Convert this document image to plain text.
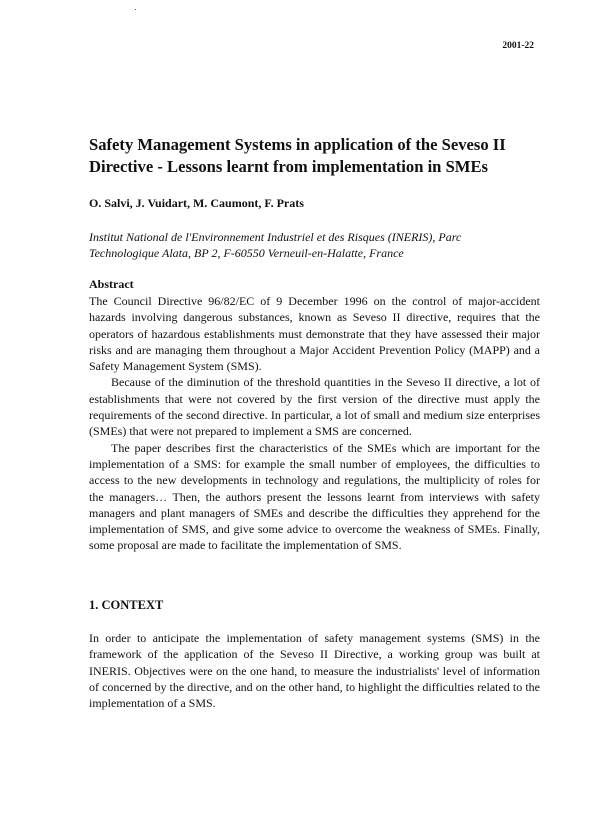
2001-22
Safety Management Systems in application of the Seveso II Directive - Lessons learnt from implementation in SMEs
O. Salvi, J. Vuidart, M. Caumont, F. Prats
Institut National de l'Environnement Industriel et des Risques (INERIS), Parc Technologique Alata, BP 2, F-60550 Verneuil-en-Halatte, France
Abstract

The Council Directive 96/82/EC of 9 December 1996 on the control of major-accident hazards involving dangerous substances, known as Seveso II directive, requires that the operators of hazardous establishments must demonstrate that they have assessed their major risks and are managing them throughout a Major Accident Prevention Policy (MAPP) and a Safety Management System (SMS).

Because of the diminution of the threshold quantities in the Seveso II directive, a lot of establishments that were not covered by the first version of the directive must apply the requirements of the second directive. In particular, a lot of small and medium size enterprises (SMEs) that were not prepared to implement a SMS are concerned.

The paper describes first the characteristics of the SMEs which are important for the implementation of a SMS: for example the small number of employees, the difficulties to access to the new developments in technology and regulations, the multiplicity of roles for the managers… Then, the authors present the lessons learnt from interviews with safety managers and plant managers of SMEs and describe the difficulties they apprehend for the implementation of SMS, and give some advice to overcome the weakness of SMEs. Finally, some proposal are made to facilitate the implementation of SMS.

1. CONTEXT

In order to anticipate the implementation of safety management systems (SMS) in the framework of the application of the Seveso II Directive, a working group was built at INERIS. Objectives were on the one hand, to measure the industrialists' level of information of concerned by the directive, and on the other hand, to highlight the difficulties related to the implementation of a SMS.
